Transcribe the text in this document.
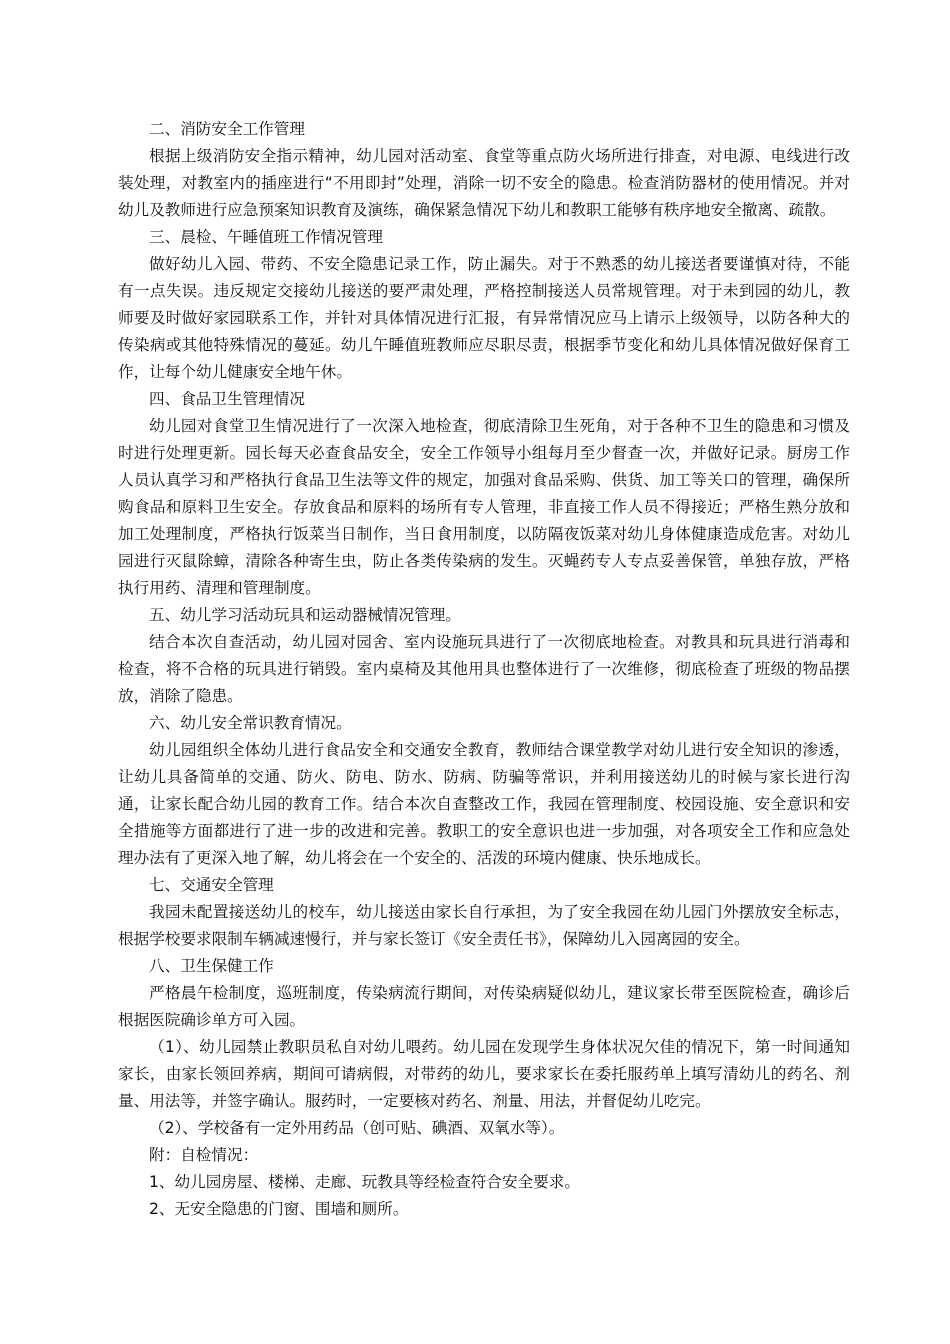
二、消防安全工作管理

根据上级消防安全指示精神，幼儿园对活动室、食堂等重点防火场所进行排查，对电源、电线进行改装处理，对教室内的插座进行“不用即封”处理，消除一切不安全的隐患。检查消防器材的使用情况。并对幼儿及教师进行应急预案知识教育及演练，确保紧急情况下幼儿和教职工能够有秩序地安全撤离、疏散。

三、晨检、午睡值班工作情况管理

做好幼儿入园、带药、不安全隐患记录工作，防止漏失。对于不熟悉的幼儿接送者要谨慎对待，不能有一点失误。违反规定交接幼儿接送的要严肃处理，严格控制接送人员常规管理。对于未到园的幼儿，教师要及时做好家园联系工作，并针对具体情况进行汇报，有异常情况应马上请示上级领导，以防各种大的传染病或其他特殊情况的蔓延。幼儿午睡值班教师应尽职尽责，根据季节变化和幼儿具体情况做好保育工作，让每个幼儿健康安全地午休。

四、食品卫生管理情况

幼儿园对食堂卫生情况进行了一次深入地检查，彻底清除卫生死角，对于各种不卫生的隐患和习惯及时进行处理更新。园长每天必查食品安全，安全工作领导小组每月至少督查一次，并做好记录。厨房工作人员认真学习和严格执行食品卫生法等文件的规定，加强对食品采购、供货、加工等关口的管理，确保所购食品和原料卫生安全。存放食品和原料的场所有专人管理，非直接工作人员不得接近；严格生熟分放和加工处理制度，严格执行饭菜当日制作，当日食用制度，以防隔夜饭菜对幼儿身体健康造成危害。对幼儿园进行灭鼠除蟑，清除各种寄生虫，防止各类传染病的发生。灭蝇药专人专点妥善保管，单独存放，严格执行用药、清理和管理制度。

五、幼儿学习活动玩具和运动器械情况管理。

结合本次自查活动，幼儿园对园舍、室内设施玩具进行了一次彻底地检查。对教具和玩具进行消毒和检查，将不合格的玩具进行销毁。室内桌椅及其他用具也整体进行了一次维修，彻底检查了班级的物品摆放，消除了隐患。

六、幼儿安全常识教育情况。

幼儿园组织全体幼儿进行食品安全和交通安全教育，教师结合课堂教学对幼儿进行安全知识的渗透，让幼儿具备简单的交通、防火、防电、防水、防病、防骗等常识，并利用接送幼儿的时候与家长进行沟通，让家长配合幼儿园的教育工作。结合本次自查整改工作，我园在管理制度、校园设施、安全意识和安全措施等方面都进行了进一步的改进和完善。教职工的安全意识也进一步加强，对各项安全工作和应急处理办法有了更深入地了解，幼儿将会在一个安全的、活泼的环境内健康、快乐地成长。

七、交通安全管理

我园未配置接送幼儿的校车，幼儿接送由家长自行承担，为了安全我园在幼儿园门外摆放安全标志，根据学校要求限制车辆减速慢行，并与家长签订《安全责任书》，保障幼儿入园离园的安全。

八、卫生保健工作

严格晨午检制度，巡班制度，传染病流行期间，对传染病疑似幼儿，建议家长带至医院检查，确诊后根据医院确诊单方可入园。

（1）、幼儿园禁止教职员私自对幼儿喂药。幼儿园在发现学生身体状况欠佳的情况下，第一时间通知家长，由家长领回养病，期间可请病假，对带药的幼儿，要求家长在委托服药单上填写清幼儿的药名、剂量、用法等，并签字确认。服药时，一定要核对药名、剂量、用法，并督促幼儿吃完。

（2）、学校备有一定外用药品（创可贴、碘酒、双氧水等）。

附：自检情况：

1、幼儿园房屋、楼梯、走廊、玩教具等经检查符合安全要求。

2、无安全隐患的门窗、围墙和厕所。
